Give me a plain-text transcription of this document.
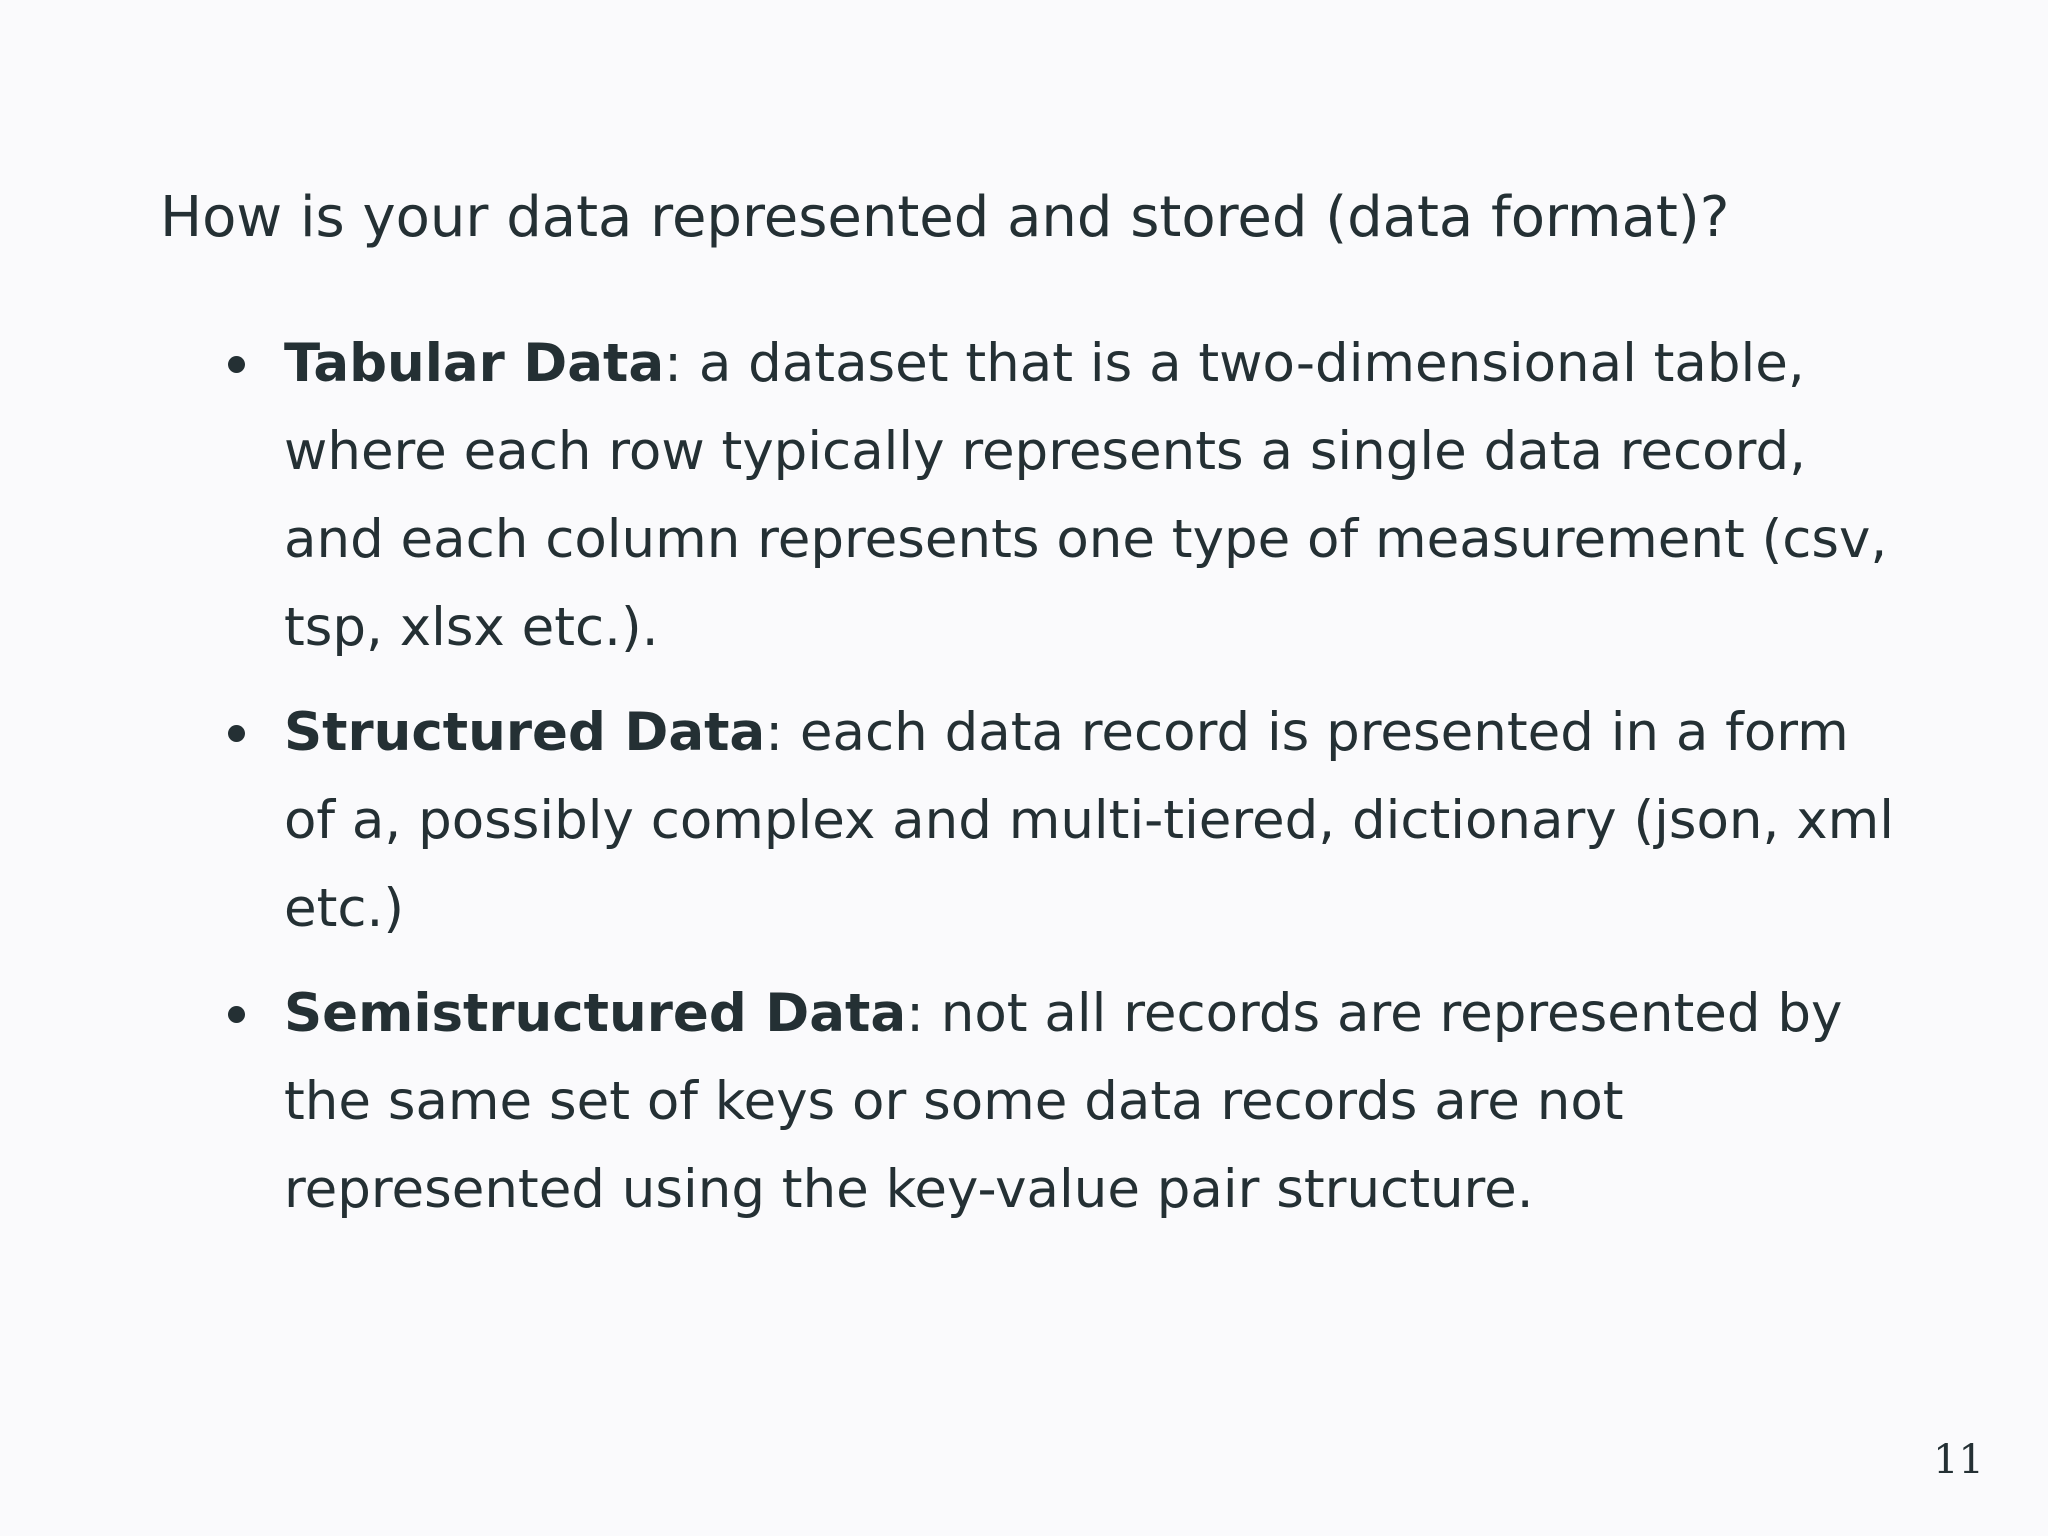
How is your data represented and stored (data format)?
Tabular Data: a dataset that is a two-dimensional table, where each row typically represents a single data record, and each column represents one type of measurement (csv, tsp, xlsx etc.).
Structured Data: each data record is presented in a form of a, possibly complex and multi-tiered, dictionary (json, xml etc.)
Semistructured Data: not all records are represented by the same set of keys or some data records are not represented using the key-value pair structure.
11
